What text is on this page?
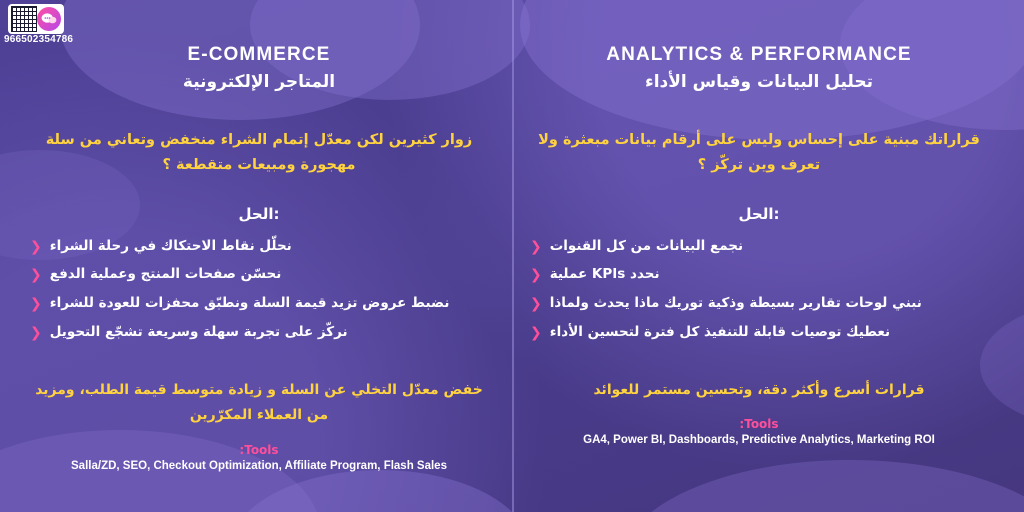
966502354786
E-COMMERCE
المتاجر الإلكترونية

زوار كثيرين لكن معدّل إتمام الشراء منخفض وتعاني من سلة مهجورة ومبيعات متقطعة ؟

:الحل
نحلّل نقاط الاحتكاك في رحلة الشراء
❮
نحسّن صفحات المنتج وعملية الدفع
❮
نضبط عروض تزيد قيمة السلة ونطبّق محفزات للعودة للشراء
❮
نركّز على تجربة سهلة وسريعة تشجّع التحويل
❮

خفض معدّل التخلي عن السلة و زيادة متوسط قيمة الطلب، ومزيد من العملاء المكرّرين

:Tools
Salla/ZD, SEO, Checkout Optimization, Affiliate Program, Flash Sales
ANALYTICS & PERFORMANCE
تحليل البيانات وقياس الأداء

قراراتك مبنية على إحساس وليس على أرقام بيانات مبعثرة ولا تعرف وين تركّز ؟

:الحل
نجمع البيانات من كل القنوات
❮
نحدد KPIs عملية
❮
نبني لوحات تقارير بسيطة وذكية توريك ماذا يحدث ولماذا
❮
نعطيك توصيات قابلة للتنفيذ كل فترة لتحسين الأداء
❮

قرارات أسرع وأكثر دقة، وتحسين مستمر للعوائد

:Tools
GA4, Power BI, Dashboards, Predictive Analytics, Marketing ROI
